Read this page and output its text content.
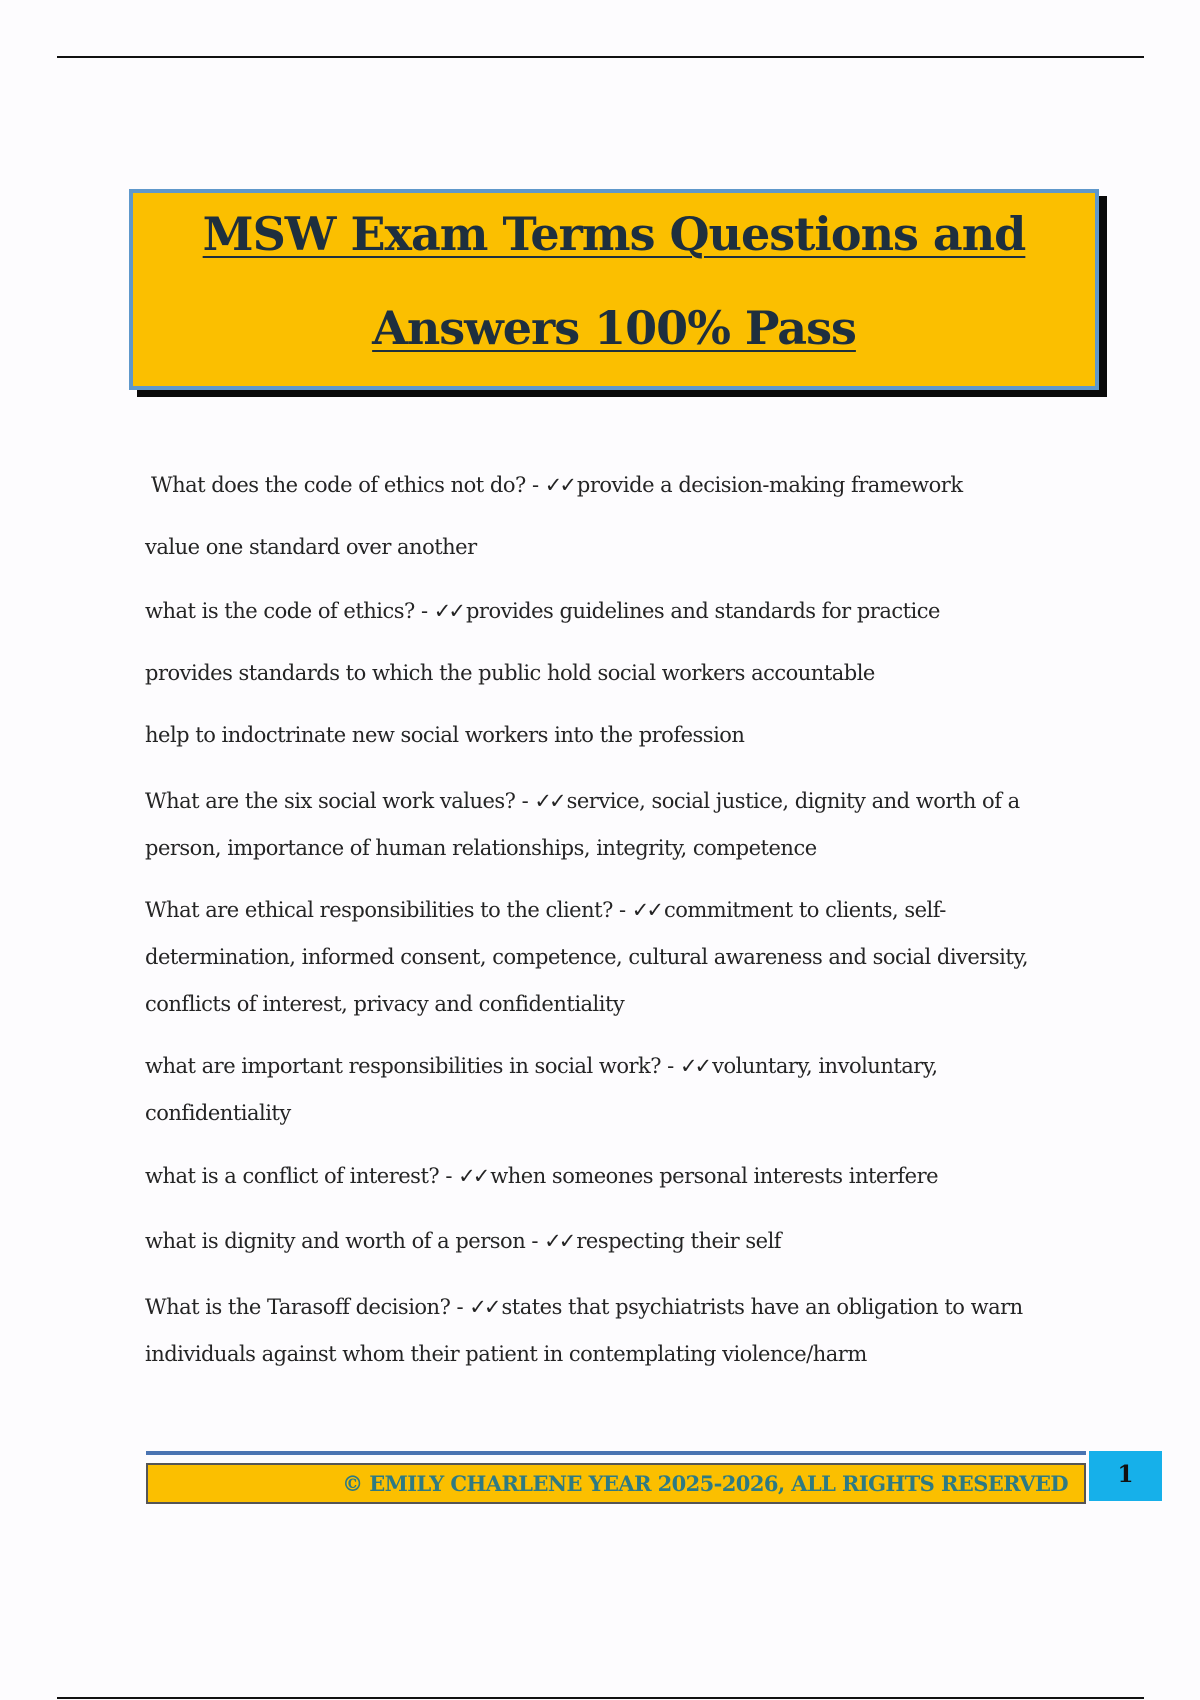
MSW Exam Terms Questions and
Answers 100% Pass
What does the code of ethics not do? - ✓✓ provide a decision-making framework
value one standard over another
what is the code of ethics? - ✓✓ provides guidelines and standards for practice
provides standards to which the public hold social workers accountable
help to indoctrinate new social workers into the profession
What are the six social work values? - ✓✓ service, social justice, dignity and worth of a
person, importance of human relationships, integrity, competence
What are ethical responsibilities to the client? - ✓✓ commitment to clients, self-
determination, informed consent, competence, cultural awareness and social diversity,
conflicts of interest, privacy and confidentiality
what are important responsibilities in social work? - ✓✓ voluntary, involuntary,
confidentiality
what is a conflict of interest? - ✓✓ when someones personal interests interfere
what is dignity and worth of a person - ✓✓ respecting their self
What is the Tarasoff decision? - ✓✓ states that psychiatrists have an obligation to warn
individuals against whom their patient in contemplating violence/harm
© EMILY CHARLENE YEAR 2025-2026, ALL RIGHTS RESERVED	1
